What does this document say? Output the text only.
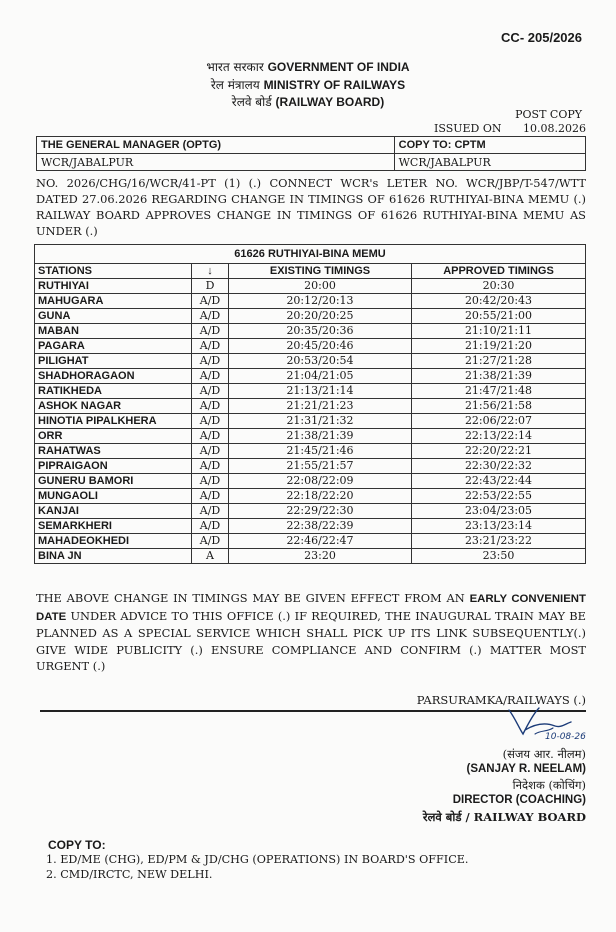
CC- 205/2026
भारत सरकार GOVERNMENT OF INDIA
रेल मंत्रालय MINISTRY OF RAILWAYS
रेलवे बोर्ड (RAILWAY BOARD)
POST COPY
ISSUED ON 10.08.2026
THE GENERAL MANAGER (OPTG)	COPY TO: CPTM
WCR/JABALPUR	WCR/JABALPUR
NO. 2026/CHG/16/WCR/41-PT (1) (.) CONNECT WCR's LETER NO. WCR/JBP/T-547/WTT DATED 27.06.2026 REGARDING CHANGE IN TIMINGS OF 61626 RUTHIYAI-BINA MEMU (.) RAILWAY BOARD APPROVES CHANGE IN TIMINGS OF 61626 RUTHIYAI-BINA MEMU AS UNDER (.)
61626 RUTHIYAI-BINA MEMU			
STATIONS	↓	EXISTING TIMINGS	APPROVED TIMINGS
RUTHIYAI	D	20:00	20:30
MAHUGARA	A/D	20:12/20:13	20:42/20:43
GUNA	A/D	20:20/20:25	20:55/21:00
MABAN	A/D	20:35/20:36	21:10/21:11
PAGARA	A/D	20:45/20:46	21:19/21:20
PILIGHAT	A/D	20:53/20:54	21:27/21:28
SHADHORAGAON	A/D	21:04/21:05	21:38/21:39
RATIKHEDA	A/D	21:13/21:14	21:47/21:48
ASHOK NAGAR	A/D	21:21/21:23	21:56/21:58
HINOTIA PIPALKHERA	A/D	21:31/21:32	22:06/22:07
ORR	A/D	21:38/21:39	22:13/22:14
RAHATWAS	A/D	21:45/21:46	22:20/22:21
PIPRAIGAON	A/D	21:55/21:57	22:30/22:32
GUNERU BAMORI	A/D	22:08/22:09	22:43/22:44
MUNGAOLI	A/D	22:18/22:20	22:53/22:55
KANJAI	A/D	22:29/22:30	23:04/23:05
SEMARKHERI	A/D	22:38/22:39	23:13/23:14
MAHADEOKHEDI	A/D	22:46/22:47	23:21/23:22
BINA JN	A	23:20	23:50
THE ABOVE CHANGE IN TIMINGS MAY BE GIVEN EFFECT FROM AN EARLY CONVENIENT DATE UNDER ADVICE TO THIS OFFICE (.) IF REQUIRED, THE INAUGURAL TRAIN MAY BE PLANNED AS A SPECIAL SERVICE WHICH SHALL PICK UP ITS LINK SUBSEQUENTLY(.) GIVE WIDE PUBLICITY (.) ENSURE COMPLIANCE AND CONFIRM (.) MATTER MOST URGENT (.)
PARSURAMKA/RAILWAYS (.)
10-08-26
(संजय आर. नीलम)
(SANJAY R. NEELAM)
निदेशक (कोचिंग)
DIRECTOR (COACHING)
रेलवे बोर्ड / RAILWAY BOARD
COPY TO:
1. ED/ME (CHG), ED/PM & JD/CHG (OPERATIONS) IN BOARD'S OFFICE.
2. CMD/IRCTC, NEW DELHI.
